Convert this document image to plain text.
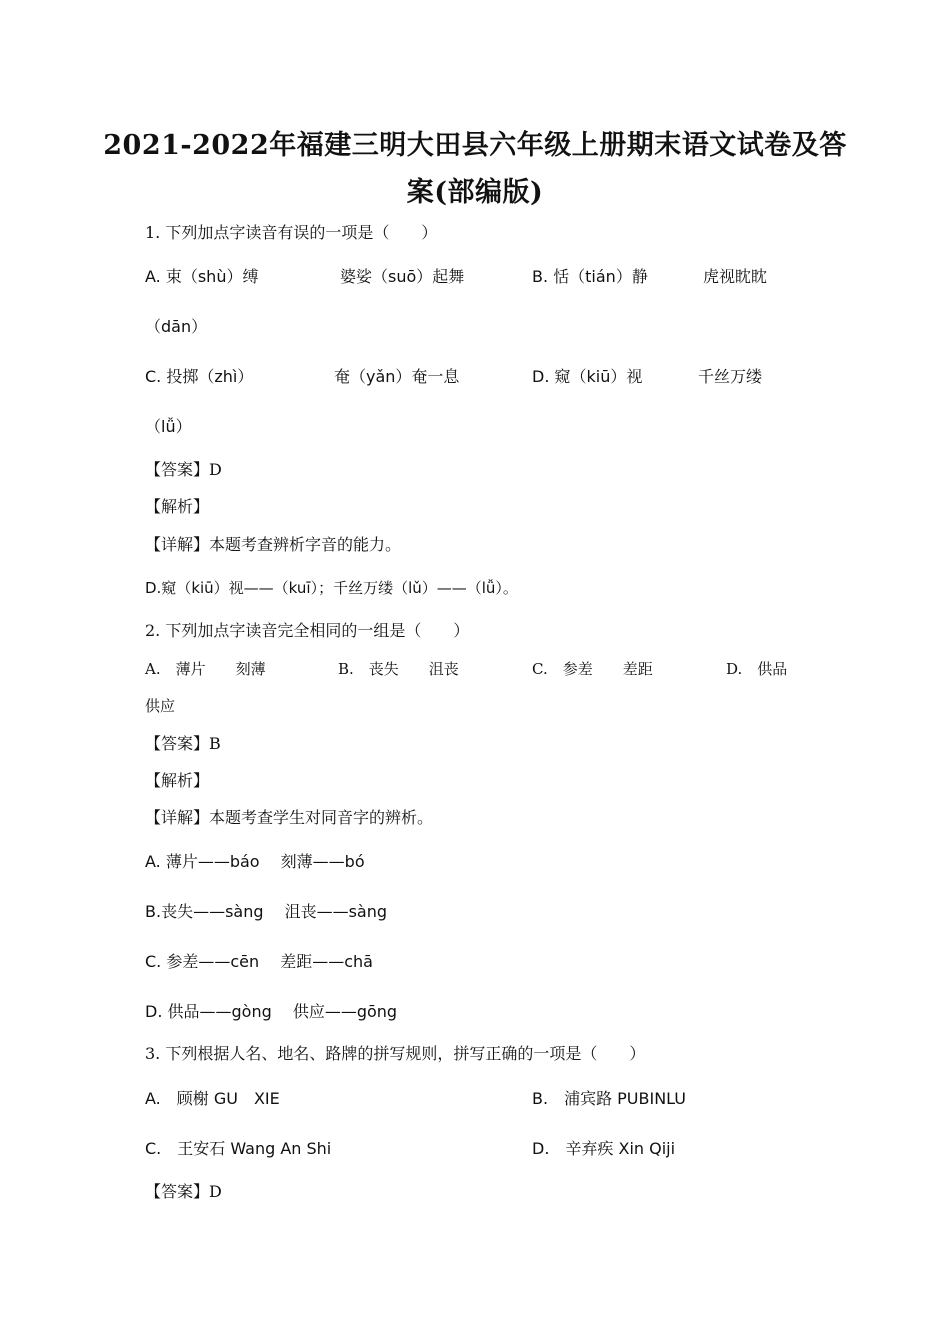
2021-2022年福建三明大田县六年级上册期末语文试卷及答
案(部编版)
1. 下列加点字读音有误的一项是（　　）
A. 束（shù）缚	婆娑（suō）起舞	B. 恬（tián）静	虎视眈眈
（dān）
C. 投掷（zhì）	奄（yǎn）奄一息	D. 窥（kiū）视	千丝万缕
（lǚ）
【答案】D
【解析】
【详解】本题考查辨析字音的能力。
D.窥（kiū）视——（kuī）；千丝万缕（lǔ）——（lǚ）。
2. 下列加点字读音完全相同的一组是（　　）
A.　薄片　　刻薄	B.　丧失　　沮丧	C.　参差　　差距	D.　供品
供应
【答案】B
【解析】
【详解】本题考查学生对同音字的辨析。
A. 薄片——báo　 刻薄——bó
B.丧失——sàng　 沮丧——sàng
C. 参差——cēn　 差距——chā
D. 供品——gòng　 供应——gōng
3. 下列根据人名、地名、路牌的拼写规则，拼写正确的一项是（　　）
A.　顾榭 GU　XIE	B.　浦宾路 PUBINLU
C.　王安石 Wang An Shi	D.　辛弃疾 Xin Qiji
【答案】D
